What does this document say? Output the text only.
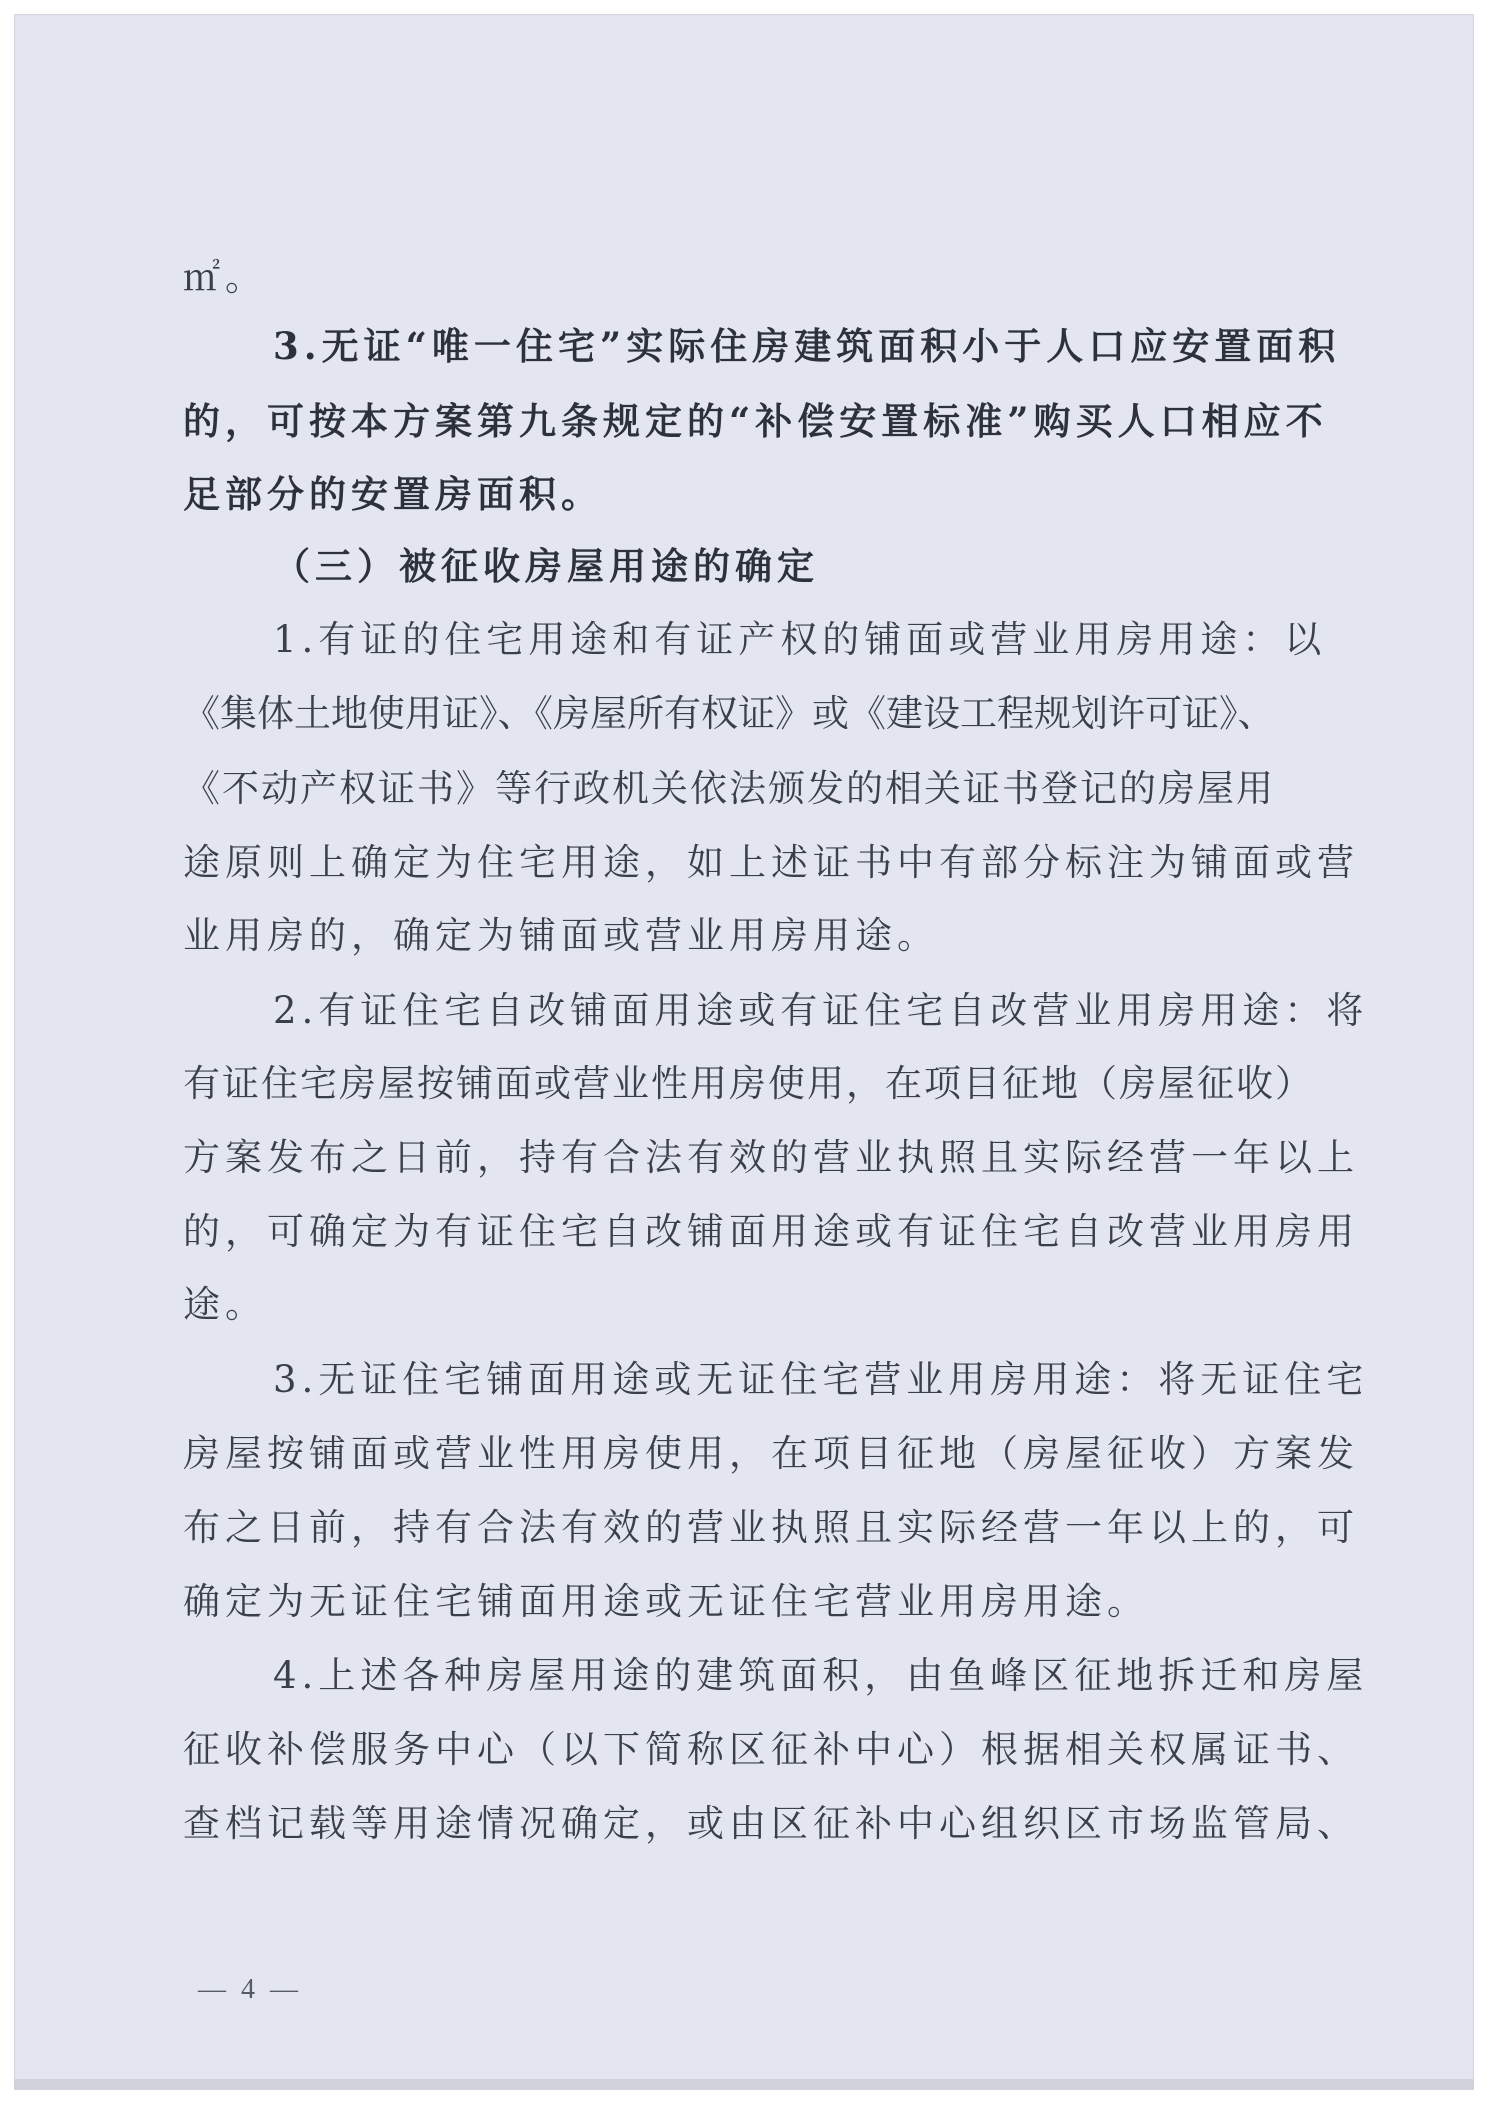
㎡。
3.无证“唯一住宅”实际住房建筑面积小于人口应安置面积
的，可按本方案第九条规定的“补偿安置标准”购买人口相应不
足部分的安置房面积。
（三）被征收房屋用途的确定
1.有证的住宅用途和有证产权的铺面或营业用房用途：以
《集体土地使用证》、《房屋所有权证》或《建设工程规划许可证》、
《不动产权证书》等行政机关依法颁发的相关证书登记的房屋用
途原则上确定为住宅用途，如上述证书中有部分标注为铺面或营
业用房的，确定为铺面或营业用房用途。
2.有证住宅自改铺面用途或有证住宅自改营业用房用途：将
有证住宅房屋按铺面或营业性用房使用，在项目征地（房屋征收）
方案发布之日前，持有合法有效的营业执照且实际经营一年以上
的，可确定为有证住宅自改铺面用途或有证住宅自改营业用房用
途。
3.无证住宅铺面用途或无证住宅营业用房用途：将无证住宅
房屋按铺面或营业性用房使用，在项目征地（房屋征收）方案发
布之日前，持有合法有效的营业执照且实际经营一年以上的，可
确定为无证住宅铺面用途或无证住宅营业用房用途。
4.上述各种房屋用途的建筑面积，由鱼峰区征地拆迁和房屋
征收补偿服务中心（以下简称区征补中心）根据相关权属证书、
查档记载等用途情况确定，或由区征补中心组织区市场监管局、
— 4 —
